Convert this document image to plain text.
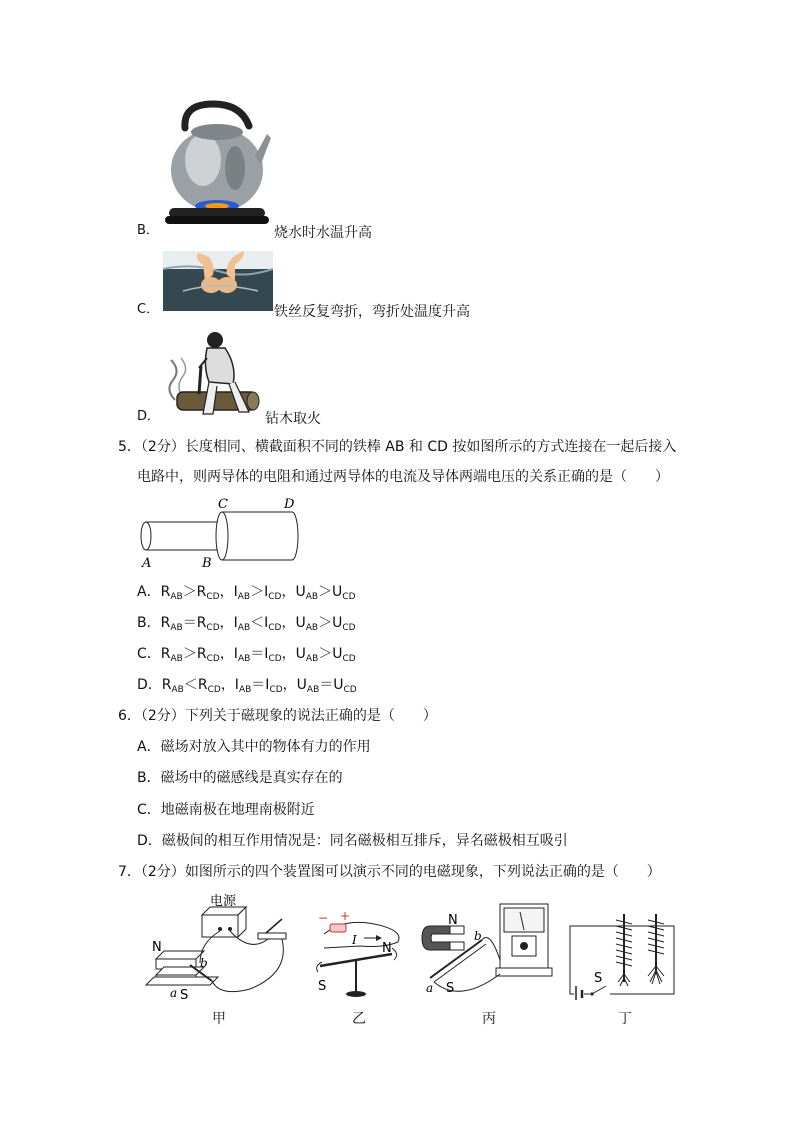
B．	烧水时水温升高
C．	铁丝反复弯折，弯折处温度升高
D．	钻木取火
5．（2分）长度相同、横截面积不同的铁棒 AB 和 CD 按如图所示的方式连接在一起后接入
电路中，则两导体的电阻和通过两导体的电流及导体两端电压的关系正确的是（　　）
A	B
C	D
A．$R_{AB}>R_{CD}$，$I_{AB}>I_{CD}$，$U_{AB}>U_{CD}$
B．$R_{AB}=R_{CD}$，$I_{AB}<I_{CD}$，$U_{AB}>U_{CD}$
C．$R_{AB}>R_{CD}$，$I_{AB}=I_{CD}$，$U_{AB}>U_{CD}$
D．$R_{AB}<R_{CD}$，$I_{AB}=I_{CD}$，$U_{AB}=U_{CD}$
6．（2分）下列关于磁现象的说法正确的是（　　）
A．磁场对放入其中的物体有力的作用
B．磁场中的磁感线是真实存在的
C．地磁南极在地理南极附近
D．磁极间的相互作用情况是：同名磁极相互排斥，异名磁极相互吸引
7．（2分）如图所示的四个装置图可以演示不同的电磁现象，下列说法正确的是（　　）
电源
N
S
a
b
甲
− +
I
S
N
乙
N
S
a
b
丙
S
丁
